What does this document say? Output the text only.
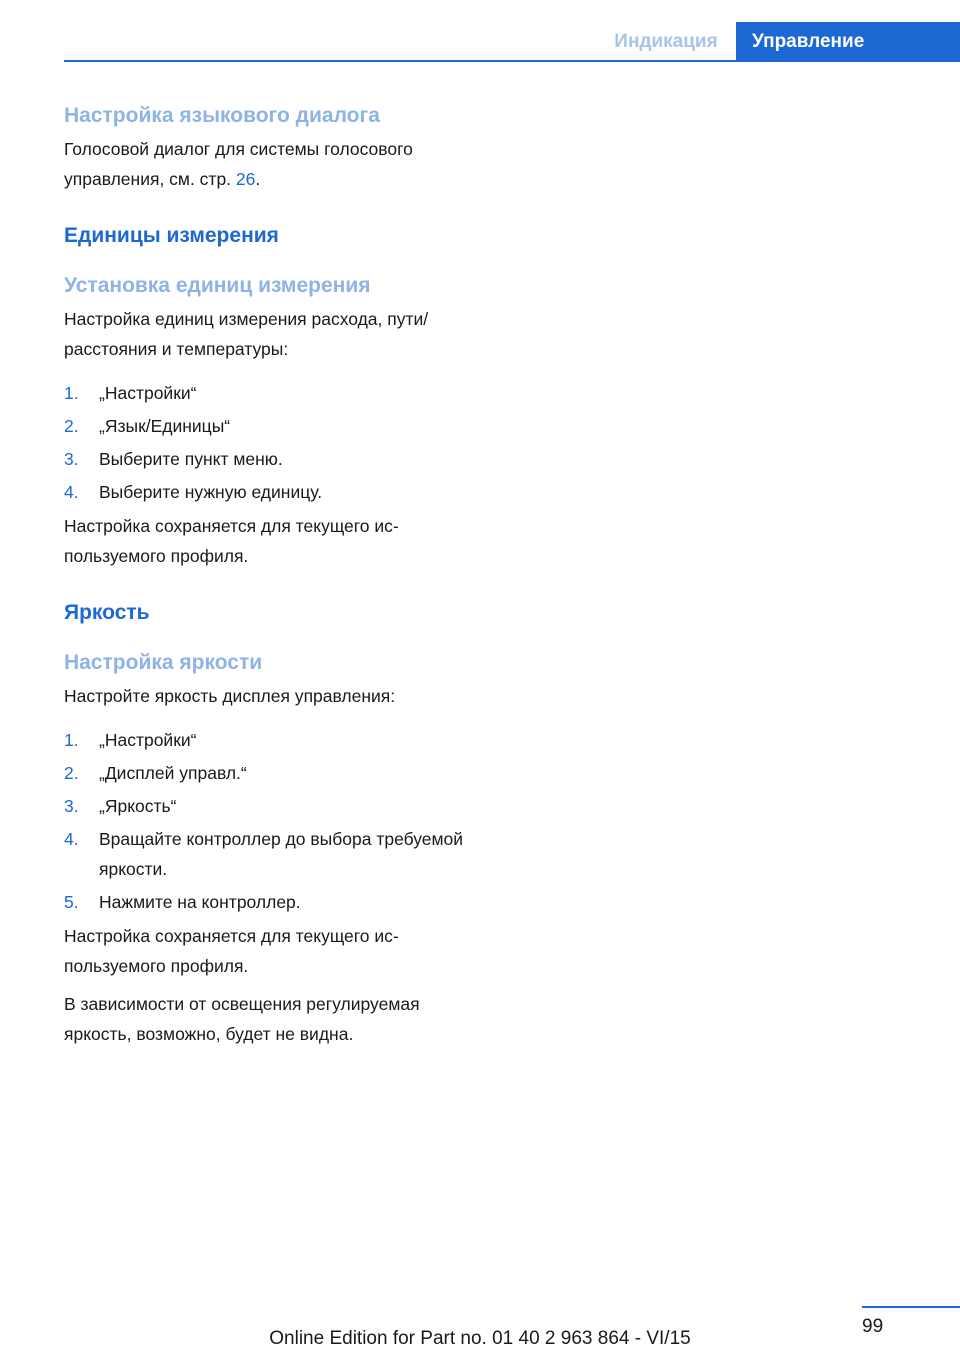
Индикация	Управление
Настройка языкового диалога

Голосовой диалог для системы голосового управления, см. стр. 26.

Единицы измерения
Установка единиц измерения

Настройка единиц измерения расхода, пути/расстояния и температуры:

1. „Настройки“
2. „Язык/Единицы“
3. Выберите пункт меню.
4. Выберите нужную единицу.

Настройка сохраняется для текущего используемого профиля.

Яркость
Настройка яркости

Настройте яркость дисплея управления:

1. „Настройки“
2. „Дисплей управл.“
3. „Яркость“
4. Вращайте контроллер до выбора требуемой яркости.
5. Нажмите на контроллер.

Настройка сохраняется для текущего используемого профиля.

В зависимости от освещения регулируемая яркость, возможно, будет не видна.

99
Online Edition for Part no. 01 40 2 963 864 - VI/15
